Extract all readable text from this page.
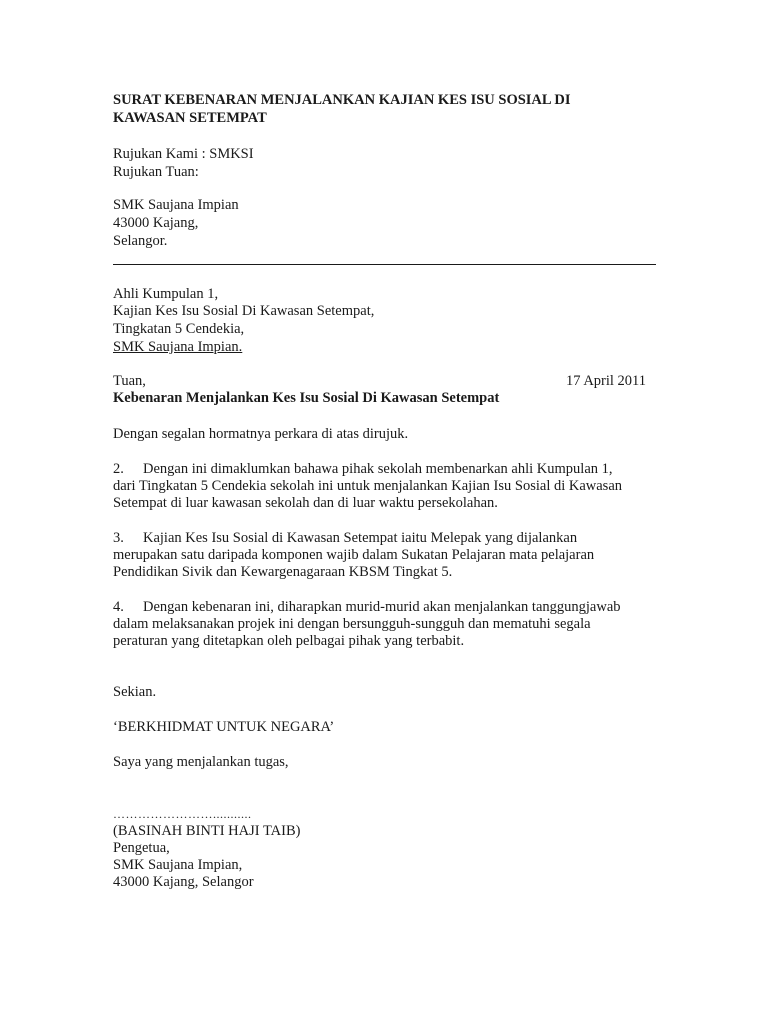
SURAT KEBENARAN MENJALANKAN KAJIAN KES ISU SOSIAL DI
KAWASAN SETEMPAT
Rujukan Kami : SMKSI
Rujukan Tuan:
SMK Saujana Impian
43000 Kajang,
Selangor.
Ahli Kumpulan 1,
Kajian Kes Isu Sosial Di Kawasan Setempat,
Tingkatan 5 Cendekia,
SMK Saujana Impian.
Tuan,	17 April 2011
Kebenaran Menjalankan Kes Isu Sosial Di Kawasan Setempat
Dengan segalan hormatnya perkara di atas dirujuk.
2. Dengan ini dimaklumkan bahawa pihak sekolah membenarkan ahli Kumpulan 1,
dari Tingkatan 5 Cendekia sekolah ini untuk menjalankan Kajian Isu Sosial di Kawasan
Setempat di luar kawasan sekolah dan di luar waktu persekolahan.
3. Kajian Kes Isu Sosial di Kawasan Setempat iaitu Melepak yang dijalankan
merupakan satu daripada komponen wajib dalam Sukatan Pelajaran mata pelajaran
Pendidikan Sivik dan Kewargenagaraan KBSM Tingkat 5.
4. Dengan kebenaran ini, diharapkan murid-murid akan menjalankan tanggungjawab
dalam melaksanakan projek ini dengan bersungguh-sungguh dan mematuhi segala
peraturan yang ditetapkan oleh pelbagai pihak yang terbabit.
Sekian.
‘BERKHIDMAT UNTUK NEGARA’
Saya yang menjalankan tugas,
……………………...........
(BASINAH BINTI HAJI TAIB)
Pengetua,
SMK Saujana Impian,
43000 Kajang, Selangor
